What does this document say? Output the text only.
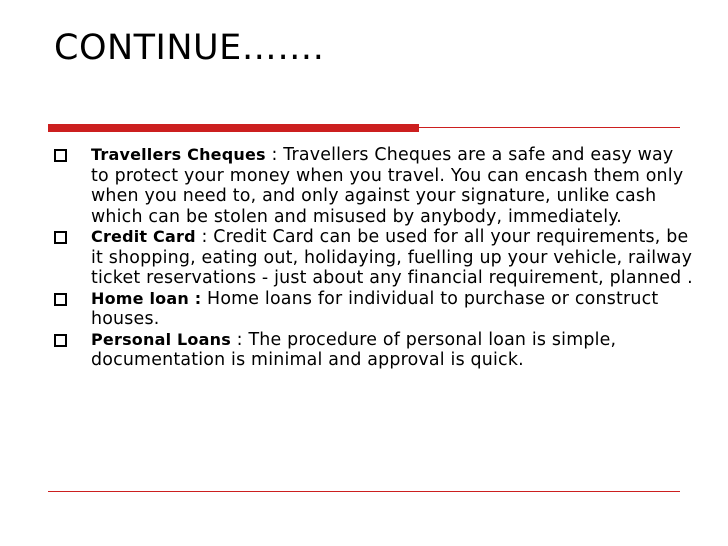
CONTINUE…….
Travellers Cheques : Travellers Cheques are a safe and easy way to protect your money when you travel. You can encash them only when you need to, and only against your signature, unlike cash which can be stolen and misused by anybody, immediately.
Credit Card : Credit Card can be used for all your requirements, be it shopping, eating out, holidaying, fuelling up your vehicle, railway ticket reservations - just about any financial requirement, planned .
Home loan : Home loans for individual to purchase or construct houses.
Personal Loans : The procedure of personal loan is simple, documentation is minimal and approval is quick.
